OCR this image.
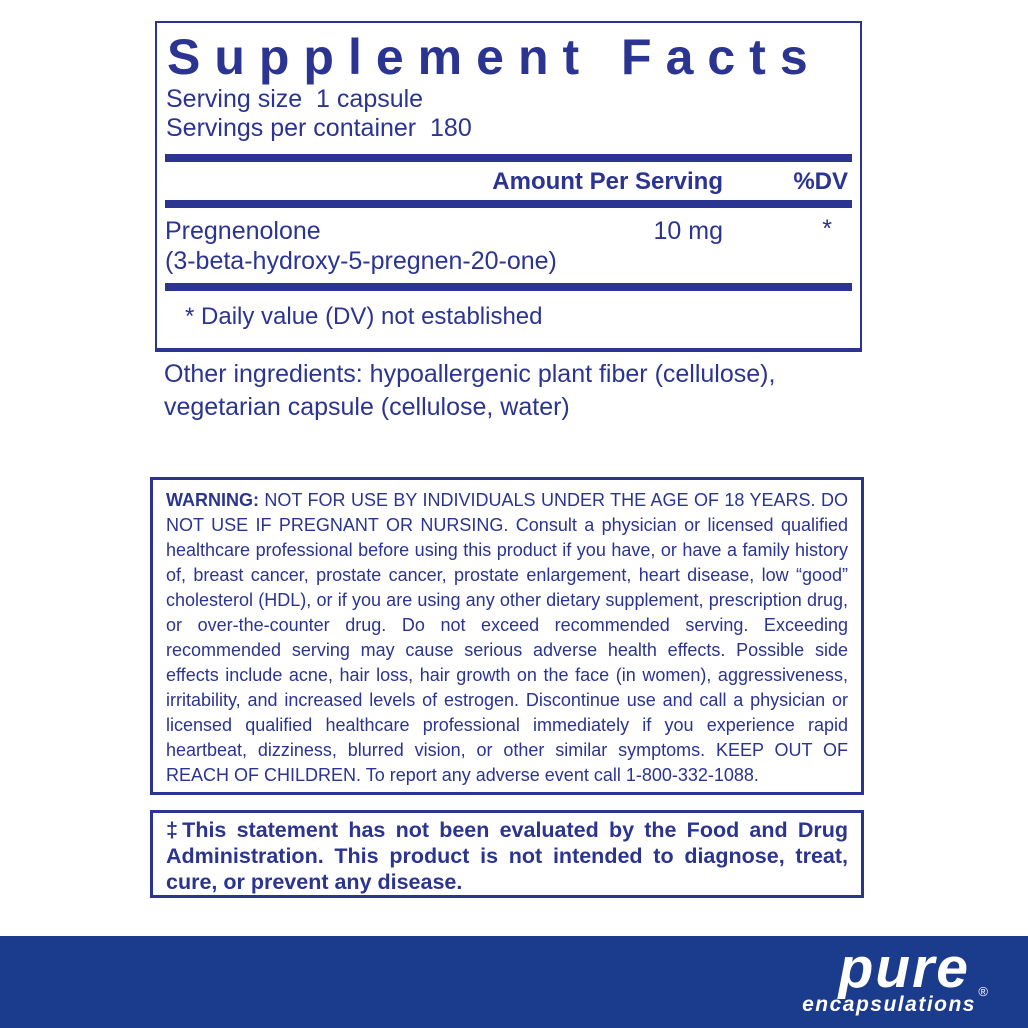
Supplement Facts
Serving size  1 capsule
Servings per container  180
Amount Per Serving	%DV
Pregnenolone
(3-beta-hydroxy-5-pregnen-20-one)
10 mg	*
* Daily value (DV) not established
Other ingredients: hypoallergenic plant fiber (cellulose), vegetarian capsule (cellulose, water)
WARNING: NOT FOR USE BY INDIVIDUALS UNDER THE AGE OF 18 YEARS. DO NOT USE IF PREGNANT OR NURSING. Consult a physician or licensed qualified healthcare professional before using this product if you have, or have a family history of, breast cancer, prostate cancer, prostate enlargement, heart disease, low “good” cholesterol (HDL), or if you are using any other dietary supplement, prescription drug, or over-the-counter drug. Do not exceed recommended serving. Exceeding recommended serving may cause serious adverse health effects. Possible side effects include acne, hair loss, hair growth on the face (in women), aggressiveness, irritability, and increased levels of estrogen. Discontinue use and call a physician or licensed qualified healthcare professional immediately if you experience rapid heartbeat, dizziness, blurred vision, or other similar symptoms. KEEP OUT OF REACH OF CHILDREN. To report any adverse event call 1-800-332-1088.
‡This statement has not been evaluated by the Food and Drug Administration. This product is not intended to diagnose, treat, cure, or prevent any disease.
pure
encapsulations
®
